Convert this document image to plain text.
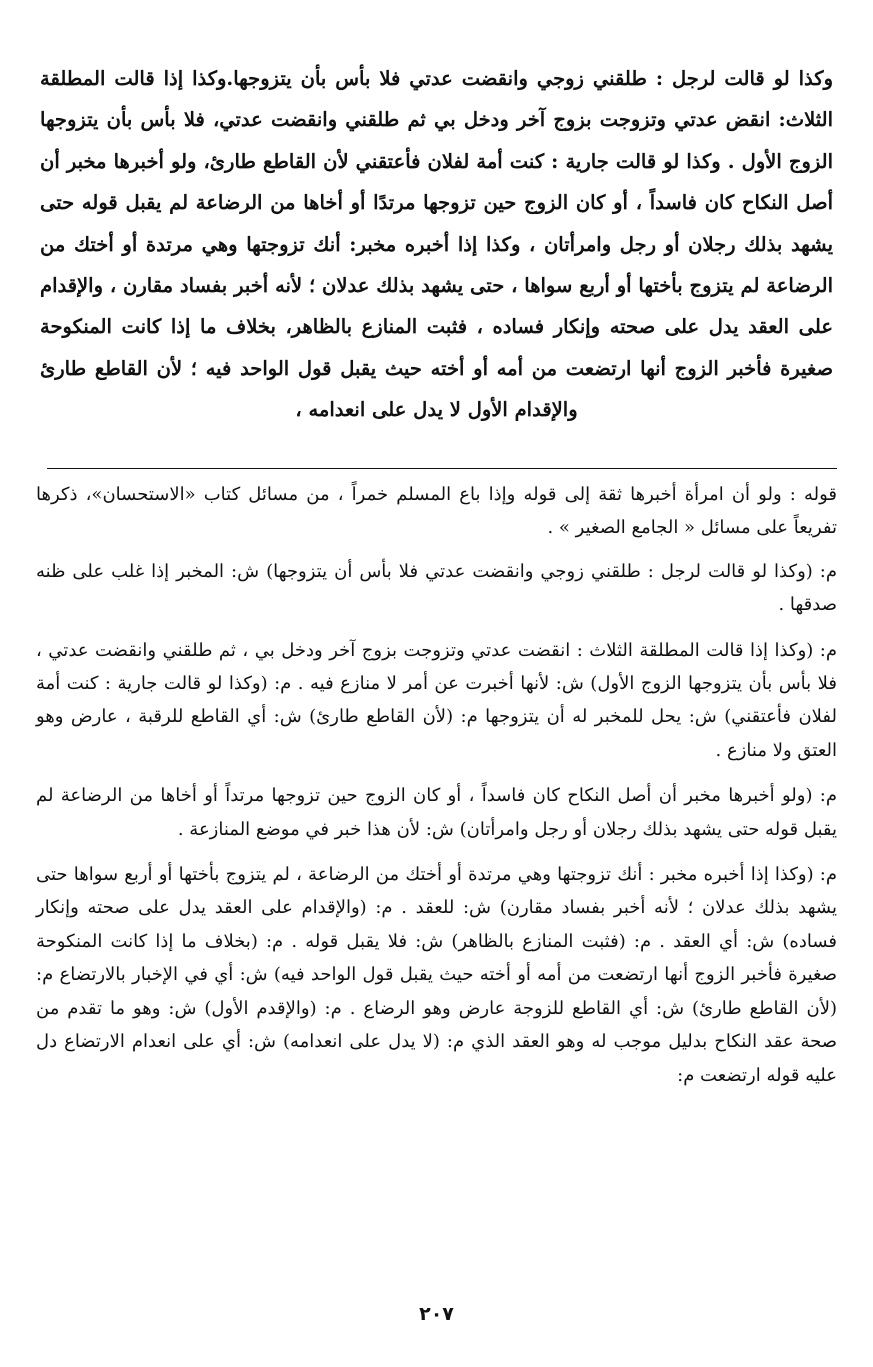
وكذا لو قالت لرجل : طلقني زوجي وانقضت عدتي فلا بأس بأن يتزوجها.وكذا إذا قالت المطلقة الثلاث: انقض عدتي وتزوجت بزوج آخر ودخل بي ثم طلقني وانقضت عدتي، فلا بأس بأن يتزوجها الزوج الأول . وكذا لو قالت جارية : كنت أمة لفلان فأعتقني لأن القاطع طارئ، ولو أخبرها مخبر أن أصل النكاح كان فاسداً ، أو كان الزوج حين تزوجها مرتدًا أو أخاها من الرضاعة لم يقبل قوله حتى يشهد بذلك رجلان أو رجل وامرأتان ، وكذا إذا أخبره مخبر: أنك تزوجتها وهي مرتدة أو أختك من الرضاعة لم يتزوج بأختها أو أربع سواها ، حتى يشهد بذلك عدلان ؛ لأنه أخبر بفساد مقارن ، والإقدام على العقد يدل على صحته وإنكار فساده ، فثبت المنازع بالظاهر، بخلاف ما إذا كانت المنكوحة صغيرة فأخبر الزوج أنها ارتضعت من أمه أو أخته حيث يقبل قول الواحد فيه ؛ لأن القاطع طارئ والإقدام الأول لا يدل على انعدامه ،

قوله : ولو أن امرأة أخبرها ثقة إلى قوله وإذا باع المسلم خمراً ، من مسائل كتاب «الاستحسان»، ذكرها تفريعاً على مسائل « الجامع الصغير » .

م: (وكذا لو قالت لرجل : طلقني زوجي وانقضت عدتي فلا بأس أن يتزوجها) ش: المخبر إذا غلب على ظنه صدقها .

م: (وكذا إذا قالت المطلقة الثلاث : انقضت عدتي وتزوجت بزوج آخر ودخل بي ، ثم طلقني وانقضت عدتي ، فلا بأس بأن يتزوجها الزوج الأول) ش: لأنها أخبرت عن أمر لا منازع فيه . م: (وكذا لو قالت جارية : كنت أمة لفلان فأعتقني) ش: يحل للمخبر له أن يتزوجها م: (لأن القاطع طارئ) ش: أي القاطع للرقبة ، عارض وهو العتق ولا منازع .

م: (ولو أخبرها مخبر أن أصل النكاح كان فاسداً ، أو كان الزوج حين تزوجها مرتداً أو أخاها من الرضاعة لم يقبل قوله حتى يشهد بذلك رجلان أو رجل وامرأتان) ش: لأن هذا خبر في موضع المنازعة .

م: (وكذا إذا أخبره مخبر : أنك تزوجتها وهي مرتدة أو أختك من الرضاعة ، لم يتزوج بأختها أو أربع سواها حتى يشهد بذلك عدلان ؛ لأنه أخبر بفساد مقارن) ش: للعقد . م: (والإقدام على العقد يدل على صحته وإنكار فساده) ش: أي العقد . م: (فثبت المنازع بالظاهر) ش: فلا يقبل قوله . م: (بخلاف ما إذا كانت المنكوحة صغيرة فأخبر الزوج أنها ارتضعت من أمه أو أخته حيث يقبل قول الواحد فيه) ش: أي في الإخبار بالارتضاع م: (لأن القاطع طارئ) ش: أي القاطع للزوجة عارض وهو الرضاع . م: (والإقدم الأول) ش: وهو ما تقدم من صحة عقد النكاح بدليل موجب له وهو العقد الذي م: (لا يدل على انعدامه) ش: أي على انعدام الارتضاع دل عليه قوله ارتضعت م:

٢٠٧
